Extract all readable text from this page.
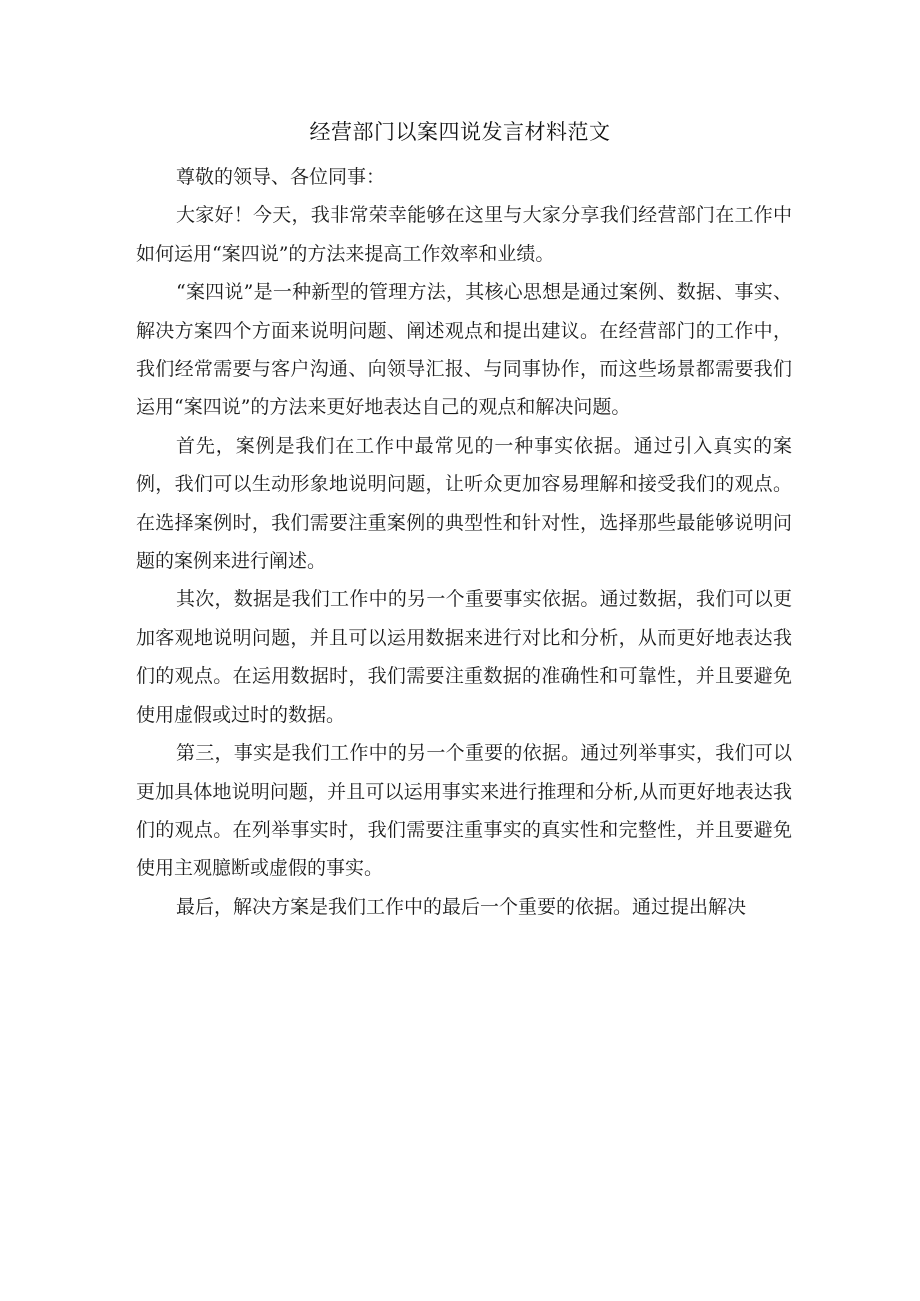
经营部门以案四说发言材料范文

尊敬的领导、各位同事：

大家好！今天，我非常荣幸能够在这里与大家分享我们经营部门在工作中如何运用“案四说”的方法来提高工作效率和业绩。

“案四说”是一种新型的管理方法，其核心思想是通过案例、数据、事实、解决方案四个方面来说明问题、阐述观点和提出建议。在经营部门的工作中，我们经常需要与客户沟通、向领导汇报、与同事协作，而这些场景都需要我们运用“案四说”的方法来更好地表达自己的观点和解决问题。

首先，案例是我们在工作中最常见的一种事实依据。通过引入真实的案例，我们可以生动形象地说明问题，让听众更加容易理解和接受我们的观点。在选择案例时，我们需要注重案例的典型性和针对性，选择那些最能够说明问题的案例来进行阐述。

其次，数据是我们工作中的另一个重要事实依据。通过数据，我们可以更加客观地说明问题，并且可以运用数据来进行对比和分析，从而更好地表达我们的观点。在运用数据时，我们需要注重数据的准确性和可靠性，并且要避免使用虚假或过时的数据。

第三，事实是我们工作中的另一个重要的依据。通过列举事实，我们可以更加具体地说明问题，并且可以运用事实来进行推理和分析,从而更好地表达我们的观点。在列举事实时，我们需要注重事实的真实性和完整性，并且要避免使用主观臆断或虚假的事实。

最后，解决方案是我们工作中的最后一个重要的依据。通过提出解决
